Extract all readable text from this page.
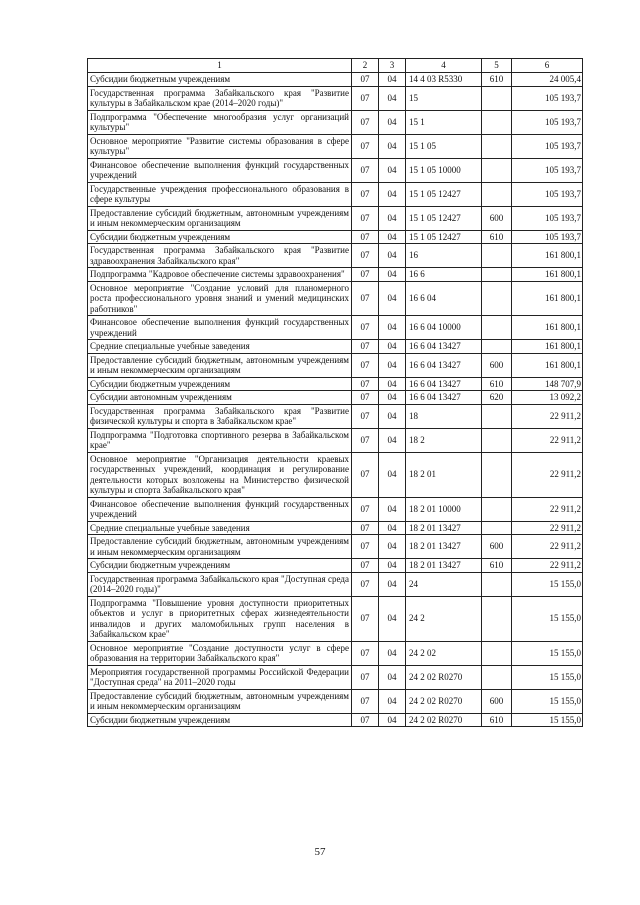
1	2	3	4	5	6
Субсидии бюджетным учреждениям	07	04	14 4 03 R5330	610	24 005,4
Государственная программа Забайкальского края "Развитие культуры в Забайкальском крае (2014–2020 годы)"	07	04	15		105 193,7
Подпрограмма "Обеспечение многообразия услуг организаций культуры"	07	04	15 1		105 193,7
Основное мероприятие "Развитие системы образования в сфере культуры"	07	04	15 1 05		105 193,7
Финансовое обеспечение выполнения функций государственных учреждений	07	04	15 1 05 10000		105 193,7
Государственные учреждения профессионального образования в сфере культуры	07	04	15 1 05 12427		105 193,7
Предоставление субсидий бюджетным, автономным учреждениям и иным некоммерческим организациям	07	04	15 1 05 12427	600	105 193,7
Субсидии бюджетным учреждениям	07	04	15 1 05 12427	610	105 193,7
Государственная программа Забайкальского края "Развитие здравоохранения Забайкальского края"	07	04	16		161 800,1
Подпрограмма "Кадровое обеспечение системы здравоохранения"	07	04	16 6		161 800,1
Основное мероприятие "Создание условий для планомерного роста профессионального уровня знаний и умений медицинских работников"	07	04	16 6 04		161 800,1
Финансовое обеспечение выполнения функций государственных учреждений	07	04	16 6 04 10000		161 800,1
Средние специальные учебные заведения	07	04	16 6 04 13427		161 800,1
Предоставление субсидий бюджетным, автономным учреждениям и иным некоммерческим организациям	07	04	16 6 04 13427	600	161 800,1
Субсидии бюджетным учреждениям	07	04	16 6 04 13427	610	148 707,9
Субсидии автономным учреждениям	07	04	16 6 04 13427	620	13 092,2
Государственная программа Забайкальского края "Развитие физической культуры и спорта в Забайкальском крае"	07	04	18		22 911,2
Подпрограмма "Подготовка спортивного резерва в Забайкальском крае"	07	04	18 2		22 911,2
Основное мероприятие "Организация деятельности краевых государственных учреждений, координация и регулирование деятельности которых возложены на Министерство физической культуры и спорта Забайкальского края"	07	04	18 2 01		22 911,2
Финансовое обеспечение выполнения функций государственных учреждений	07	04	18 2 01 10000		22 911,2
Средние специальные учебные заведения	07	04	18 2 01 13427		22 911,2
Предоставление субсидий бюджетным, автономным учреждениям и иным некоммерческим организациям	07	04	18 2 01 13427	600	22 911,2
Субсидии бюджетным учреждениям	07	04	18 2 01 13427	610	22 911,2
Государственная программа Забайкальского края "Доступная среда (2014–2020 годы)"	07	04	24		15 155,0
Подпрограмма "Повышение уровня доступности приоритетных объектов и услуг в приоритетных сферах жизнедеятельности инвалидов и других маломобильных групп населения в Забайкальском крае"	07	04	24 2		15 155,0
Основное мероприятие "Создание доступности услуг в сфере образования на территории Забайкальского края"	07	04	24 2 02		15 155,0
Мероприятия государственной программы Российской Федерации "Доступная среда" на 2011–2020 годы	07	04	24 2 02 R0270		15 155,0
Предоставление субсидий бюджетным, автономным учреждениям и иным некоммерческим организациям	07	04	24 2 02 R0270	600	15 155,0
Субсидии бюджетным учреждениям	07	04	24 2 02 R0270	610	15 155,0
57
